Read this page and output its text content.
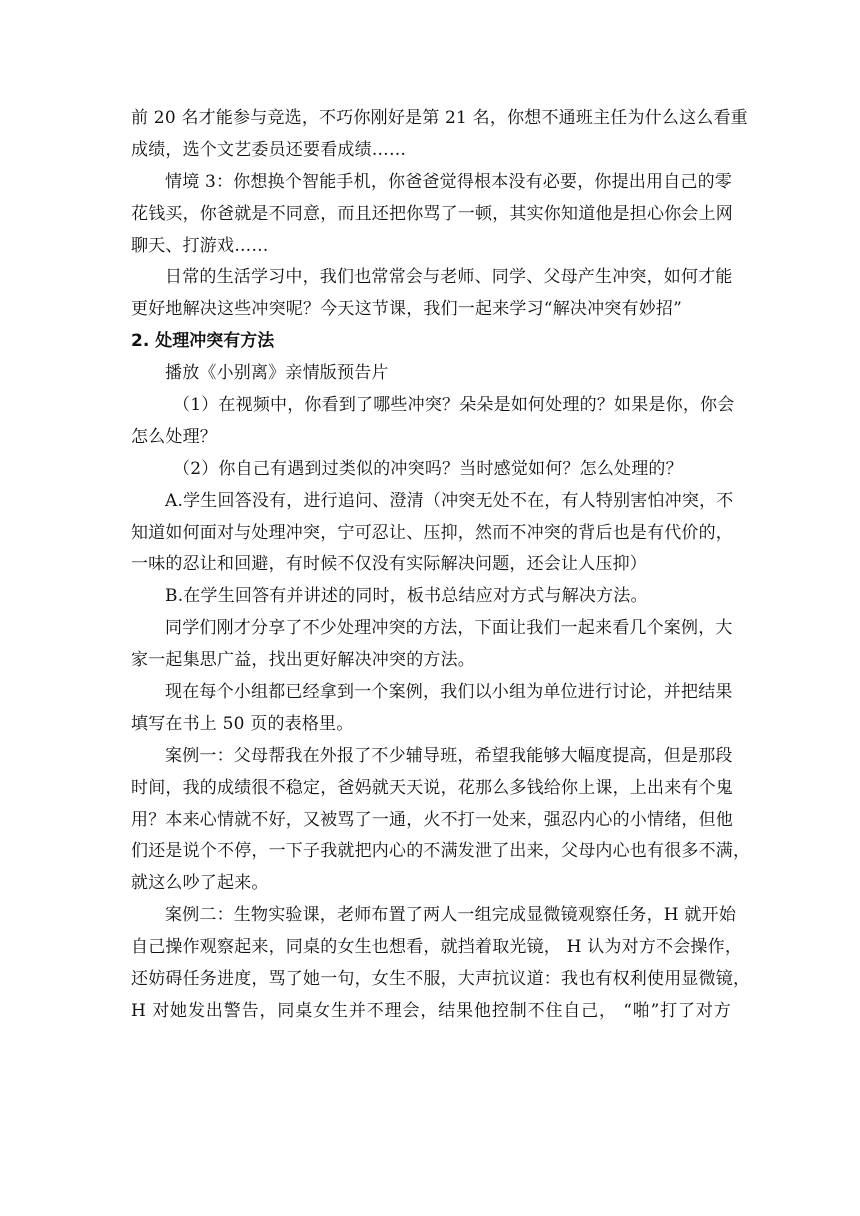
前 20 名才能参与竞选，不巧你刚好是第 21 名，你想不通班主任为什么这么看重
成绩，选个文艺委员还要看成绩……
情境 3：你想换个智能手机，你爸爸觉得根本没有必要，你提出用自己的零
花钱买，你爸就是不同意，而且还把你骂了一顿，其实你知道他是担心你会上网
聊天、打游戏……
日常的生活学习中，我们也常常会与老师、同学、父母产生冲突，如何才能
更好地解决这些冲突呢？今天这节课，我们一起来学习“解决冲突有妙招”
2. 处理冲突有方法
播放《小别离》亲情版预告片
（1）在视频中，你看到了哪些冲突？朵朵是如何处理的？如果是你，你会
怎么处理？
（2）你自己有遇到过类似的冲突吗？当时感觉如何？怎么处理的？
A.学生回答没有，进行追问、澄清（冲突无处不在，有人特别害怕冲突，不
知道如何面对与处理冲突，宁可忍让、压抑，然而不冲突的背后也是有代价的，
一味的忍让和回避，有时候不仅没有实际解决问题，还会让人压抑）
B.在学生回答有并讲述的同时，板书总结应对方式与解决方法。
同学们刚才分享了不少处理冲突的方法，下面让我们一起来看几个案例，大
家一起集思广益，找出更好解决冲突的方法。
现在每个小组都已经拿到一个案例，我们以小组为单位进行讨论，并把结果
填写在书上 50 页的表格里。
案例一：父母帮我在外报了不少辅导班，希望我能够大幅度提高，但是那段
时间，我的成绩很不稳定，爸妈就天天说，花那么多钱给你上课，上出来有个鬼
用？本来心情就不好，又被骂了一通，火不打一处来，强忍内心的小情绪，但他
们还是说个不停，一下子我就把内心的不满发泄了出来，父母内心也有很多不满，
就这么吵了起来。
案例二：生物实验课，老师布置了两人一组完成显微镜观察任务，H 就开始
自己操作观察起来，同桌的女生也想看，就挡着取光镜， H 认为对方不会操作，
还妨碍任务进度，骂了她一句，女生不服，大声抗议道：我也有权利使用显微镜，
H 对她发出警告，同桌女生并不理会，结果他控制不住自己， “啪”打了对方
